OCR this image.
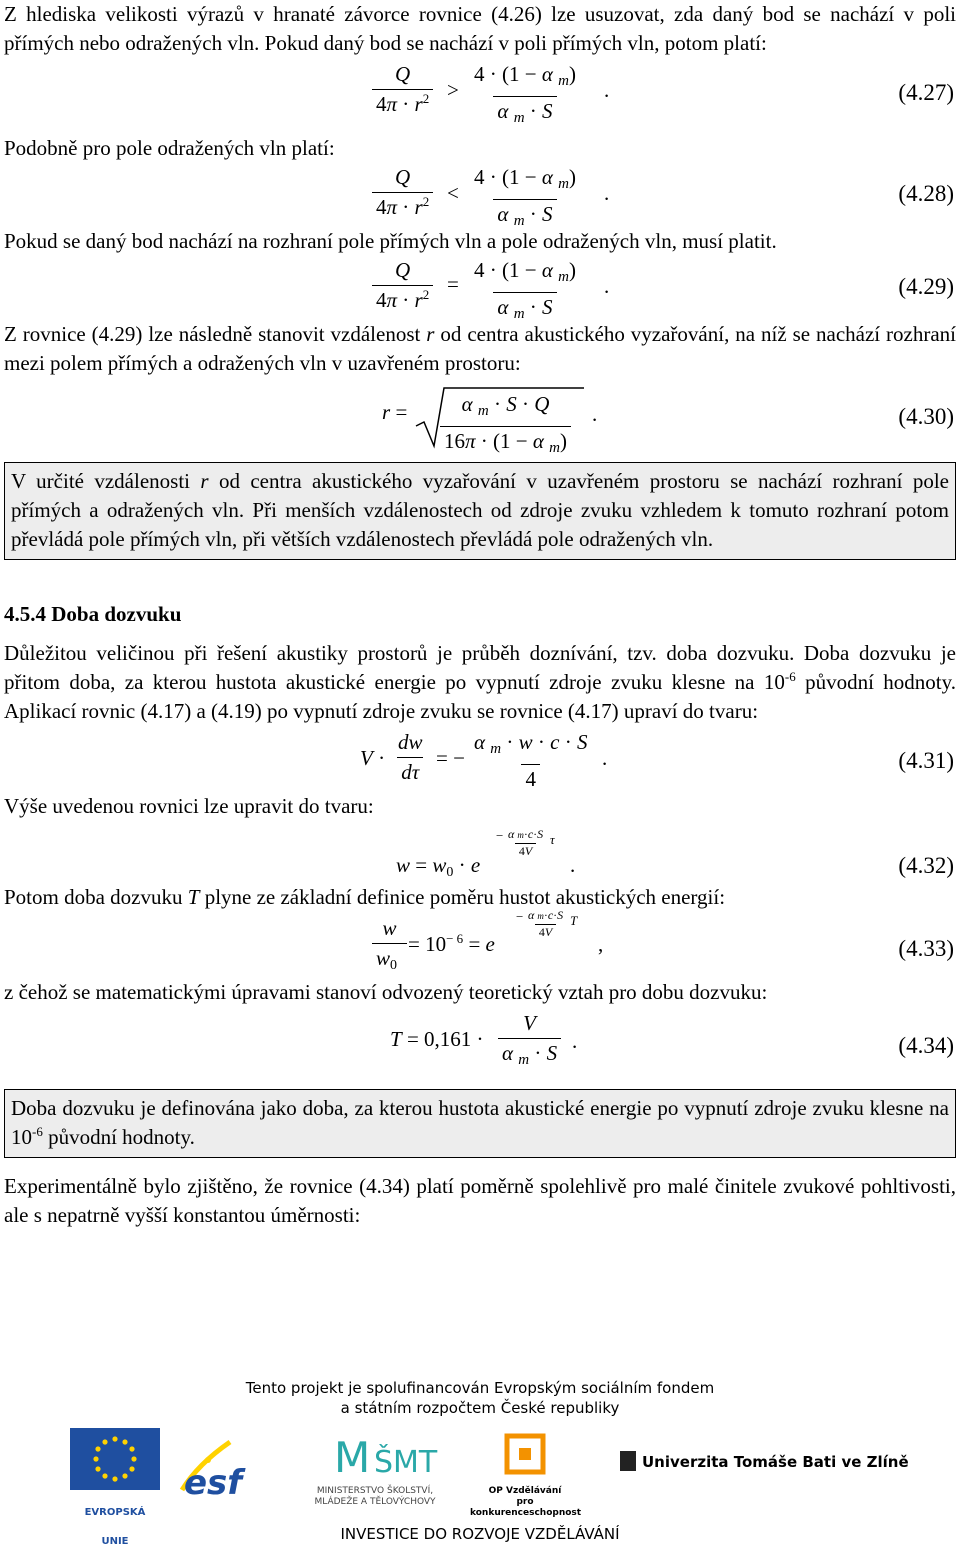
Z hlediska velikosti výrazů v hranaté závorce rovnice (4.26) lze usuzovat, zda daný bod se nachází v poli přímých nebo odražených vln. Pokud daný bod se nachází v poli přímých vln, potom platí:

$\frac{Q}{4\pi \cdot r^2} > \frac{4 \cdot (1 - \alpha _m)}{\alpha _m \cdot S}$ .	(4.27)

Podobně pro pole odražených vln platí:

$\frac{Q}{4\pi \cdot r^2} < \frac{4 \cdot (1 - \alpha _m)}{\alpha _m \cdot S}$ .	(4.28)

Pokud se daný bod nachází na rozhraní pole přímých vln a pole odražených vln, musí platit.

$\frac{Q}{4\pi \cdot r^2} = \frac{4 \cdot (1 - \alpha _m)}{\alpha _m \cdot S}$ .	(4.29)

Z rovnice (4.29) lze následně stanovit vzdálenost r od centra akustického vyzařování, na níž se nachází rozhraní mezi polem přímých a odražených vln v uzavřeném prostoru:

$r = \frac{\alpha _m \cdot S \cdot Q}{16\pi \cdot (1 - \alpha _m)}$ .	(4.30)
V určité vzdálenosti r od centra akustického vyzařování v uzavřeném prostoru se nachází rozhraní pole přímých a odražených vln. Při menších vzdálenostech od zdroje zvuku vzhledem k tomuto rozhraní potom převládá pole přímých vln, při větších vzdálenostech převládá pole odražených vln.

4.5.4 Doba dozvuku

Důležitou veličinou při řešení akustiky prostorů je průběh doznívání, tzv. doba dozvuku. Doba dozvuku je přitom doba, za kterou hustota akustické energie po vypnutí zdroje zvuku klesne na $10^{-6}$ původní hodnoty. Aplikací rovnic (4.17) a (4.19) po vypnutí zdroje zvuku se rovnice (4.17) upraví do tvaru:

$V \cdot \frac{dw}{d\tau}$ = − $\frac{\alpha _m \cdot w \cdot c \cdot S}{4}$ .	(4.31)

Výše uvedenou rovnici lze upravit do tvaru:

w = w0 · e
− $\frac{\text{α m·c·S}}{4V}$ τ
.	(4.32)

Potom doba dozvuku T plyne ze základní definice poměru hustot akustických energií:

$\frac{w}{w0} = 10^{- 6} = e$
− $\frac{\text{α m·c·S}}{4V}$ T
,	(4.33)

z čehož se matematickými úpravami stanoví odvozený teoretický vztah pro dobu dozvuku:

$T = 0,161 \cdot \frac{V}{\alpha _m \cdot S}$ .	(4.34)
Doba dozvuku je definována jako doba, za kterou hustota akustické energie po vypnutí zdroje zvuku klesne na $10^{-6}$ původní hodnoty.

Experimentálně bylo zjištěno, že rovnice (4.34) platí poměrně spolehlivě pro malé činitele zvukové pohltivosti, ale s nepatrně vyšší konstantou úměrnosti:

Tento projekt je spolufinancován Evropským sociálním fondem
a státním rozpočtem České republiky
EVROPSKÁ UNIE
esf
M ŠMT
MINISTERSTVO ŠKOLSTVÍ,
MLÁDEŽE A TĚLOVÝCHOVY
OP Vzdělávání
pro konkurenceschopnost
Univerzita Tomáše Bati ve Zlíně
INVESTICE DO ROZVOJE VZDĚLÁVÁNÍ
